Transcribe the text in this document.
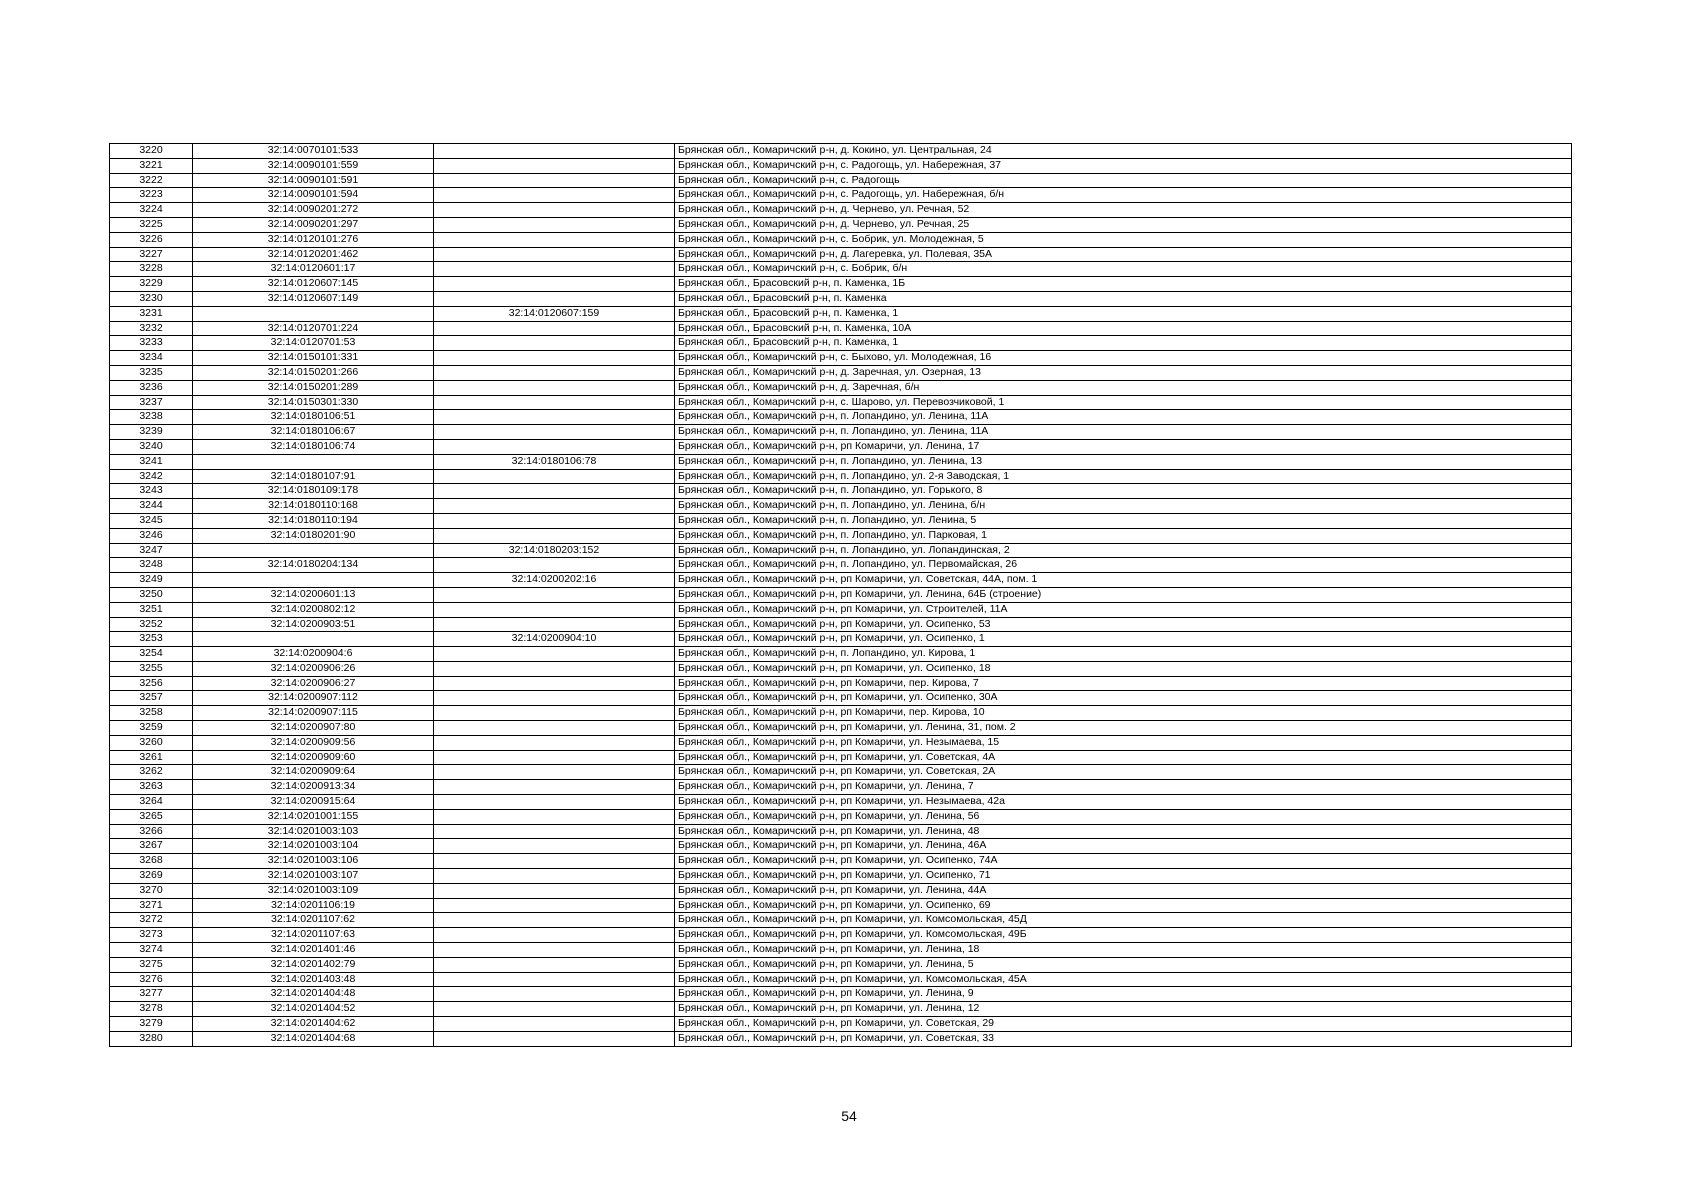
3220	32:14:0070101:533		Брянская обл., Комаричский р-н, д. Кокино, ул. Центральная, 24
3221	32:14:0090101:559		Брянская обл., Комаричский р-н, с. Радогощь, ул. Набережная, 37
3222	32:14:0090101:591		Брянская обл., Комаричский р-н, с. Радогощь
3223	32:14:0090101:594		Брянская обл., Комаричский р-н, с. Радогощь, ул. Набережная, б/н
3224	32:14:0090201:272		Брянская обл., Комаричский р-н, д. Чернево, ул. Речная, 52
3225	32:14:0090201:297		Брянская обл., Комаричский р-н, д. Чернево, ул. Речная, 25
3226	32:14:0120101:276		Брянская обл., Комаричский р-н, с. Бобрик, ул. Молодежная, 5
3227	32:14:0120201:462		Брянская обл., Комаричский р-н, д. Лагеревка, ул. Полевая, 35А
3228	32:14:0120601:17		Брянская обл., Комаричский р-н, с. Бобрик, б/н
3229	32:14:0120607:145		Брянская обл., Брасовский р-н, п. Каменка, 1Б
3230	32:14:0120607:149		Брянская обл., Брасовский р-н, п. Каменка
3231		32:14:0120607:159	Брянская обл., Брасовский р-н, п. Каменка, 1
3232	32:14:0120701:224		Брянская обл., Брасовский р-н, п. Каменка, 10А
3233	32:14:0120701:53		Брянская обл., Брасовский р-н, п. Каменка, 1
3234	32:14:0150101:331		Брянская обл., Комаричский р-н, с. Быхово, ул. Молодежная, 16
3235	32:14:0150201:266		Брянская обл., Комаричский р-н, д. Заречная, ул. Озерная, 13
3236	32:14:0150201:289		Брянская обл., Комаричский р-н, д. Заречная, б/н
3237	32:14:0150301:330		Брянская обл., Комаричский р-н, с. Шарово, ул. Перевозчиковой, 1
3238	32:14:0180106:51		Брянская обл., Комаричский р-н, п. Лопандино, ул. Ленина, 11А
3239	32:14:0180106:67		Брянская обл., Комаричский р-н, п. Лопандино, ул. Ленина, 11А
3240	32:14:0180106:74		Брянская обл., Комаричский р-н, рп Комаричи, ул. Ленина, 17
3241		32:14:0180106:78	Брянская обл., Комаричский р-н, п. Лопандино, ул. Ленина, 13
3242	32:14:0180107:91		Брянская обл., Комаричский р-н, п. Лопандино, ул. 2-я Заводская, 1
3243	32:14:0180109:178		Брянская обл., Комаричский р-н, п. Лопандино, ул. Горького, 8
3244	32:14:0180110:168		Брянская обл., Комаричский р-н, п. Лопандино, ул. Ленина, б/н
3245	32:14:0180110:194		Брянская обл., Комаричский р-н, п. Лопандино, ул. Ленина, 5
3246	32:14:0180201:90		Брянская обл., Комаричский р-н, п. Лопандино, ул. Парковая, 1
3247		32:14:0180203:152	Брянская обл., Комаричский р-н, п. Лопандино, ул. Лопандинская, 2
3248	32:14:0180204:134		Брянская обл., Комаричский р-н, п. Лопандино, ул. Первомайская, 26
3249		32:14:0200202:16	Брянская обл., Комаричский р-н, рп Комаричи, ул. Советская, 44А, пом. 1
3250	32:14:0200601:13		Брянская обл., Комаричский р-н, рп Комаричи, ул. Ленина, 64Б (строение)
3251	32:14:0200802:12		Брянская обл., Комаричский р-н, рп Комаричи, ул. Строителей, 11А
3252	32:14:0200903:51		Брянская обл., Комаричский р-н, рп Комаричи, ул. Осипенко, 53
3253		32:14:0200904:10	Брянская обл., Комаричский р-н, рп Комаричи, ул. Осипенко, 1
3254	32:14:0200904:6		Брянская обл., Комаричский р-н, п. Лопандино, ул. Кирова, 1
3255	32:14:0200906:26		Брянская обл., Комаричский р-н, рп Комаричи, ул. Осипенко, 18
3256	32:14:0200906:27		Брянская обл., Комаричский р-н, рп Комаричи, пер. Кирова, 7
3257	32:14:0200907:112		Брянская обл., Комаричский р-н, рп Комаричи, ул. Осипенко, 30А
3258	32:14:0200907:115		Брянская обл., Комаричский р-н, рп Комаричи, пер. Кирова, 10
3259	32:14:0200907:80		Брянская обл., Комаричский р-н, рп Комаричи, ул. Ленина, 31, пом. 2
3260	32:14:0200909:56		Брянская обл., Комаричский р-н, рп Комаричи, ул. Незымаева, 15
3261	32:14:0200909:60		Брянская обл., Комаричский р-н, рп Комаричи, ул. Советская, 4А
3262	32:14:0200909:64		Брянская обл., Комаричский р-н, рп Комаричи, ул. Советская, 2А
3263	32:14:0200913:34		Брянская обл., Комаричский р-н, рп Комаричи, ул. Ленина, 7
3264	32:14:0200915:64		Брянская обл., Комаричский р-н, рп Комаричи, ул. Незымаева, 42а
3265	32:14:0201001:155		Брянская обл., Комаричский р-н, рп Комаричи, ул. Ленина, 56
3266	32:14:0201003:103		Брянская обл., Комаричский р-н, рп Комаричи, ул. Ленина, 48
3267	32:14:0201003:104		Брянская обл., Комаричский р-н, рп Комаричи, ул. Ленина, 46А
3268	32:14:0201003:106		Брянская обл., Комаричский р-н, рп Комаричи, ул. Осипенко, 74А
3269	32:14:0201003:107		Брянская обл., Комаричский р-н, рп Комаричи, ул. Осипенко, 71
3270	32:14:0201003:109		Брянская обл., Комаричский р-н, рп Комаричи, ул. Ленина, 44А
3271	32:14:0201106:19		Брянская обл., Комаричский р-н, рп Комаричи, ул. Осипенко, 69
3272	32:14:0201107:62		Брянская обл., Комаричский р-н, рп Комаричи, ул. Комсомольская, 45Д
3273	32:14:0201107:63		Брянская обл., Комаричский р-н, рп Комаричи, ул. Комсомольская, 49Б
3274	32:14:0201401:46		Брянская обл., Комаричский р-н, рп Комаричи, ул. Ленина, 18
3275	32:14:0201402:79		Брянская обл., Комаричский р-н, рп Комаричи, ул. Ленина, 5
3276	32:14:0201403:48		Брянская обл., Комаричский р-н, рп Комаричи, ул. Комсомольская, 45А
3277	32:14:0201404:48		Брянская обл., Комаричский р-н, рп Комаричи, ул. Ленина, 9
3278	32:14:0201404:52		Брянская обл., Комаричский р-н, рп Комаричи, ул. Ленина, 12
3279	32:14:0201404:62		Брянская обл., Комаричский р-н, рп Комаричи, ул. Советская, 29
3280	32:14:0201404:68		Брянская обл., Комаричский р-н, рп Комаричи, ул. Советская, 33
54
